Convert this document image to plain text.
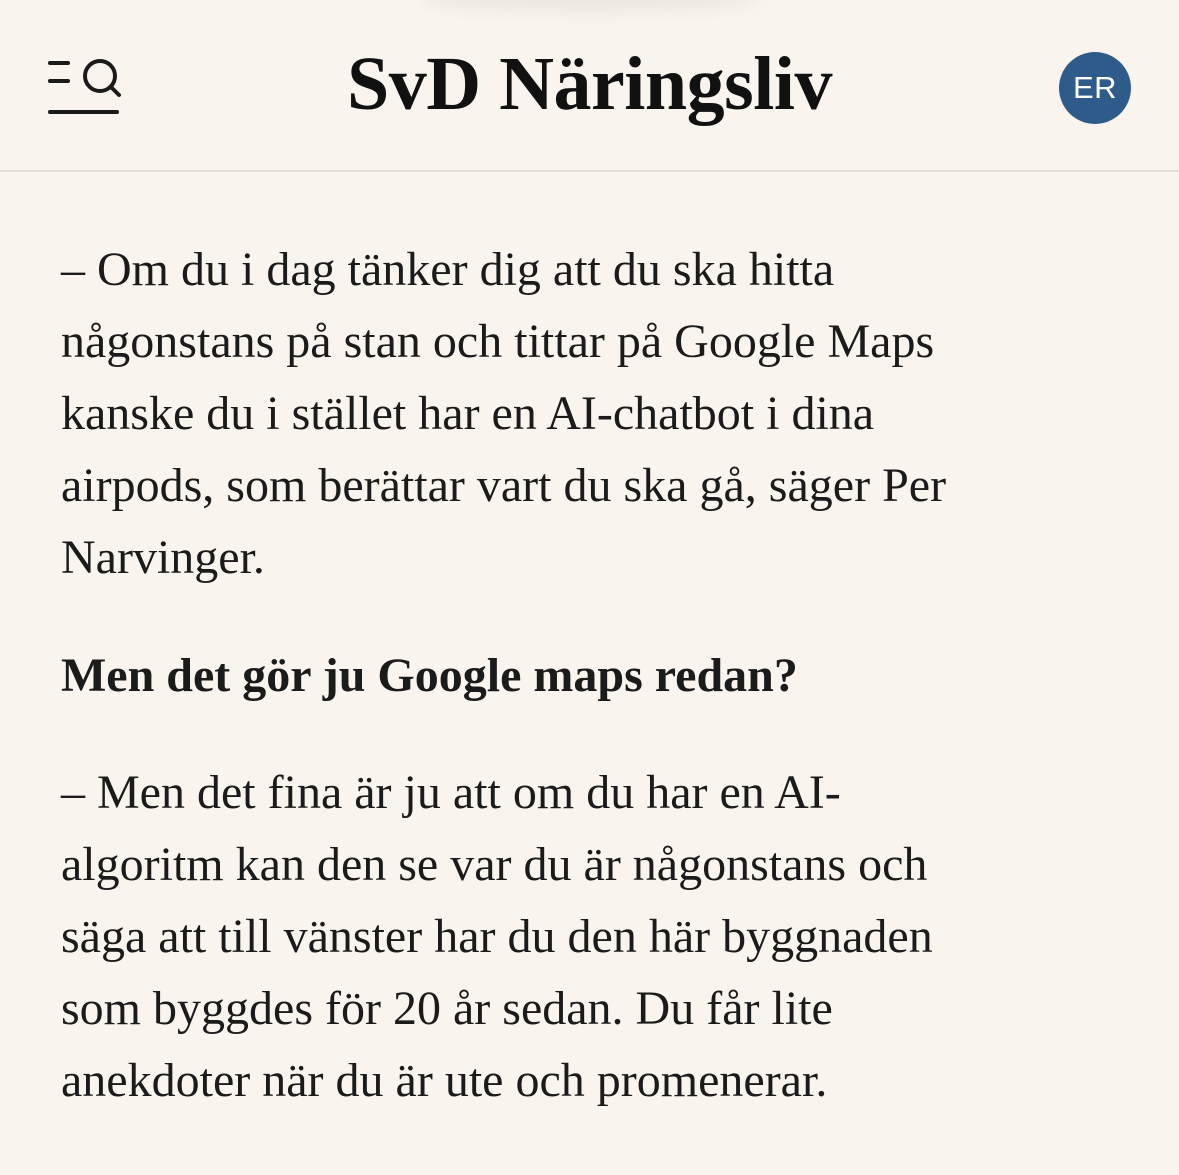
SvD Näringsliv	ER

– Om du i dag tänker dig att du ska hitta
någonstans på stan och tittar på Google Maps
kanske du i stället har en AI-chatbot i dina
airpods, som berättar vart du ska gå, säger Per
Narvinger.

Men det gör ju Google maps redan?

– Men det fina är ju att om du har en AI-
algoritm kan den se var du är någonstans och
säga att till vänster har du den här byggnaden
som byggdes för 20 år sedan. Du får lite
anekdoter när du är ute och promenerar.
